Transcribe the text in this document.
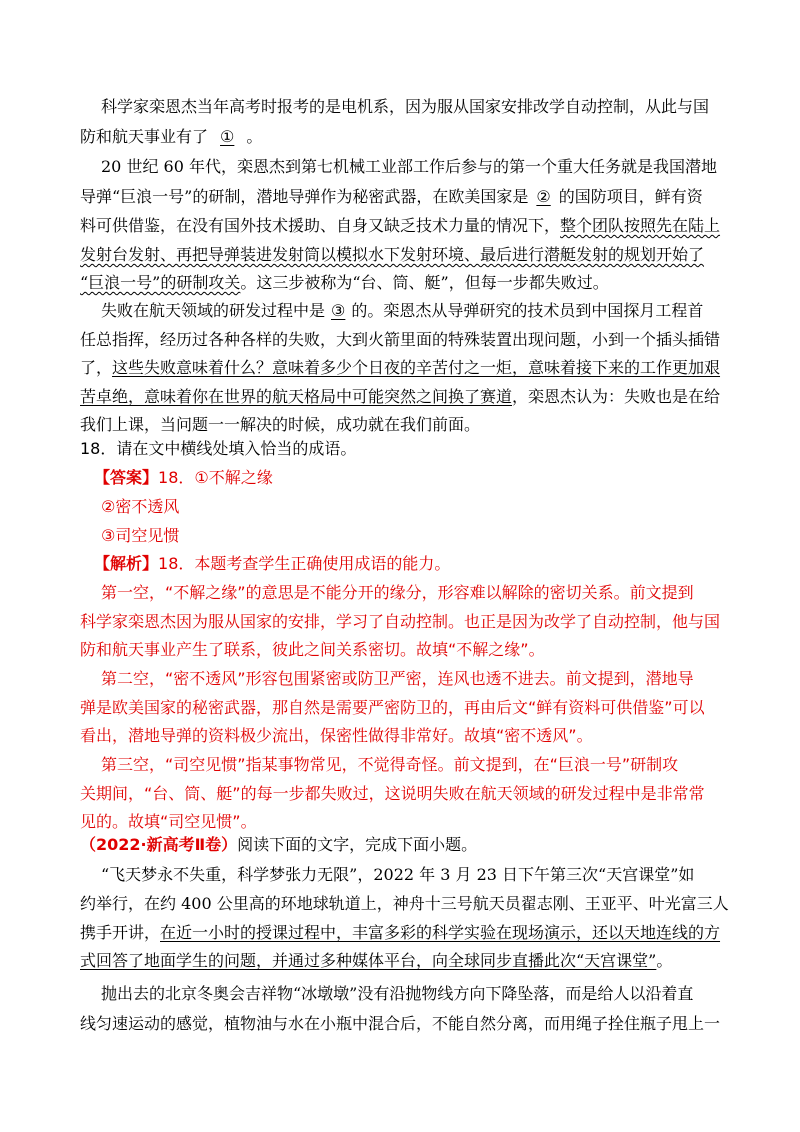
科学家栾恩杰当年高考时报考的是电机系，因为服从国家安排改学自动控制，从此与国
防和航天事业有了 ① 。
20 世纪 60 年代，栾恩杰到第七机械工业部工作后参与的第一个重大任务就是我国潜地
导弹“巨浪一号”的研制，潜地导弹作为秘密武器，在欧美国家是 ② 的国防项目，鲜有资
料可供借鉴，在没有国外技术援助、自身又缺乏技术力量的情况下，整个团队按照先在陆上
发射台发射、再把导弹装进发射筒以模拟水下发射环境、最后进行潜艇发射的规划开始了
“巨浪一号”的研制攻关。这三步被称为“台、筒、艇”，但每一步都失败过。
失败在航天领域的研发过程中是 ③ 的。栾恩杰从导弹研究的技术员到中国探月工程首
任总指挥，经历过各种各样的失败，大到火箭里面的特殊装置出现问题，小到一个插头插错
了，这些失败意味着什么？意味着多少个日夜的辛苦付之一炬，意味着接下来的工作更加艰
苦卓绝，意味着你在世界的航天格局中可能突然之间换了赛道，栾恩杰认为：失败也是在给
我们上课，当问题一一解决的时候，成功就在我们前面。
18．请在文中横线处填入恰当的成语。
【答案】18．①不解之缘
②密不透风
③司空见惯
【解析】18．本题考查学生正确使用成语的能力。
第一空，“不解之缘”的意思是不能分开的缘分，形容难以解除的密切关系。前文提到
科学家栾恩杰因为服从国家的安排，学习了自动控制。也正是因为改学了自动控制，他与国
防和航天事业产生了联系，彼此之间关系密切。故填“不解之缘”。
第二空，“密不透风”形容包围紧密或防卫严密，连风也透不进去。前文提到，潜地导
弹是欧美国家的秘密武器，那自然是需要严密防卫的，再由后文“鲜有资料可供借鉴”可以
看出，潜地导弹的资料极少流出，保密性做得非常好。故填“密不透风”。
第三空，“司空见惯”指某事物常见，不觉得奇怪。前文提到，在“巨浪一号”研制攻
关期间，“台、筒、艇”的每一步都失败过，这说明失败在航天领域的研发过程中是非常常
见的。故填“司空见惯”。
（2022·新高考Ⅱ卷）阅读下面的文字，完成下面小题。
“飞天梦永不失重，科学梦张力无限”，2022 年 3 月 23 日下午第三次“天宫课堂”如
约举行，在约 400 公里高的环地球轨道上，神舟十三号航天员翟志刚、王亚平、叶光富三人
携手开讲，在近一小时的授课过程中，丰富多彩的科学实验在现场演示，还以天地连线的方
式回答了地面学生的问题，并通过多种媒体平台，向全球同步直播此次“天宫课堂”。
抛出去的北京冬奥会吉祥物“冰墩墩”没有沿抛物线方向下降坠落，而是给人以沿着直
线匀速运动的感觉，植物油与水在小瓶中混合后，不能自然分离，而用绳子拴住瓶子甩上一
